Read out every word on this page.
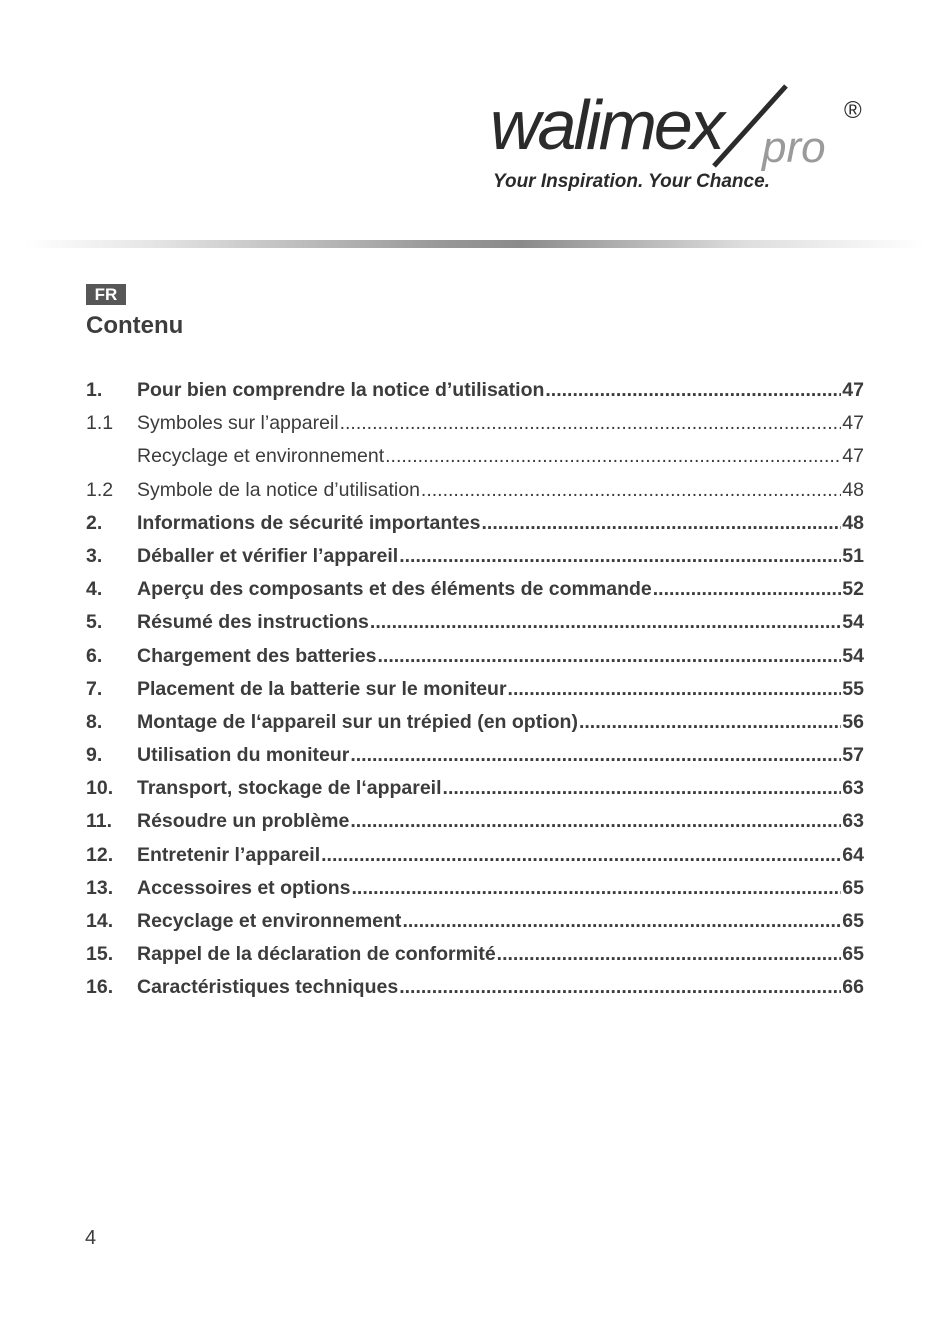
walimex pro
®
Your Inspiration. Your Chance.
FR
Contenu
1.	Pour bien comprendre la notice d’utilisation .....	47
1.1	Symboles sur l’appareil .....	47
Recyclage et environnement .....	47
1.2	Symbole de la notice d’utilisation .....	48
2.	Informations de sécurité importantes .....	48
3.	Déballer et vérifier l’appareil .....	51
4.	Aperçu des composants et des éléments de commande .....	52
5.	Résumé des instructions .....	54
6.	Chargement des batteries .....	54
7.	Placement de la batterie sur le moniteur .....	55
8.	Montage de l‘appareil sur un trépied (en option) .....	56
9.	Utilisation du moniteur .....	57
10.	Transport, stockage de l‘appareil .....	63
11.	Résoudre un problème .....	63
12.	Entretenir l’appareil .....	64
13.	Accessoires et options .....	65
14.	Recyclage et environnement .....	65
15.	Rappel de la déclaration de conformité .....	65
16.	Caractéristiques techniques .....	66
4
